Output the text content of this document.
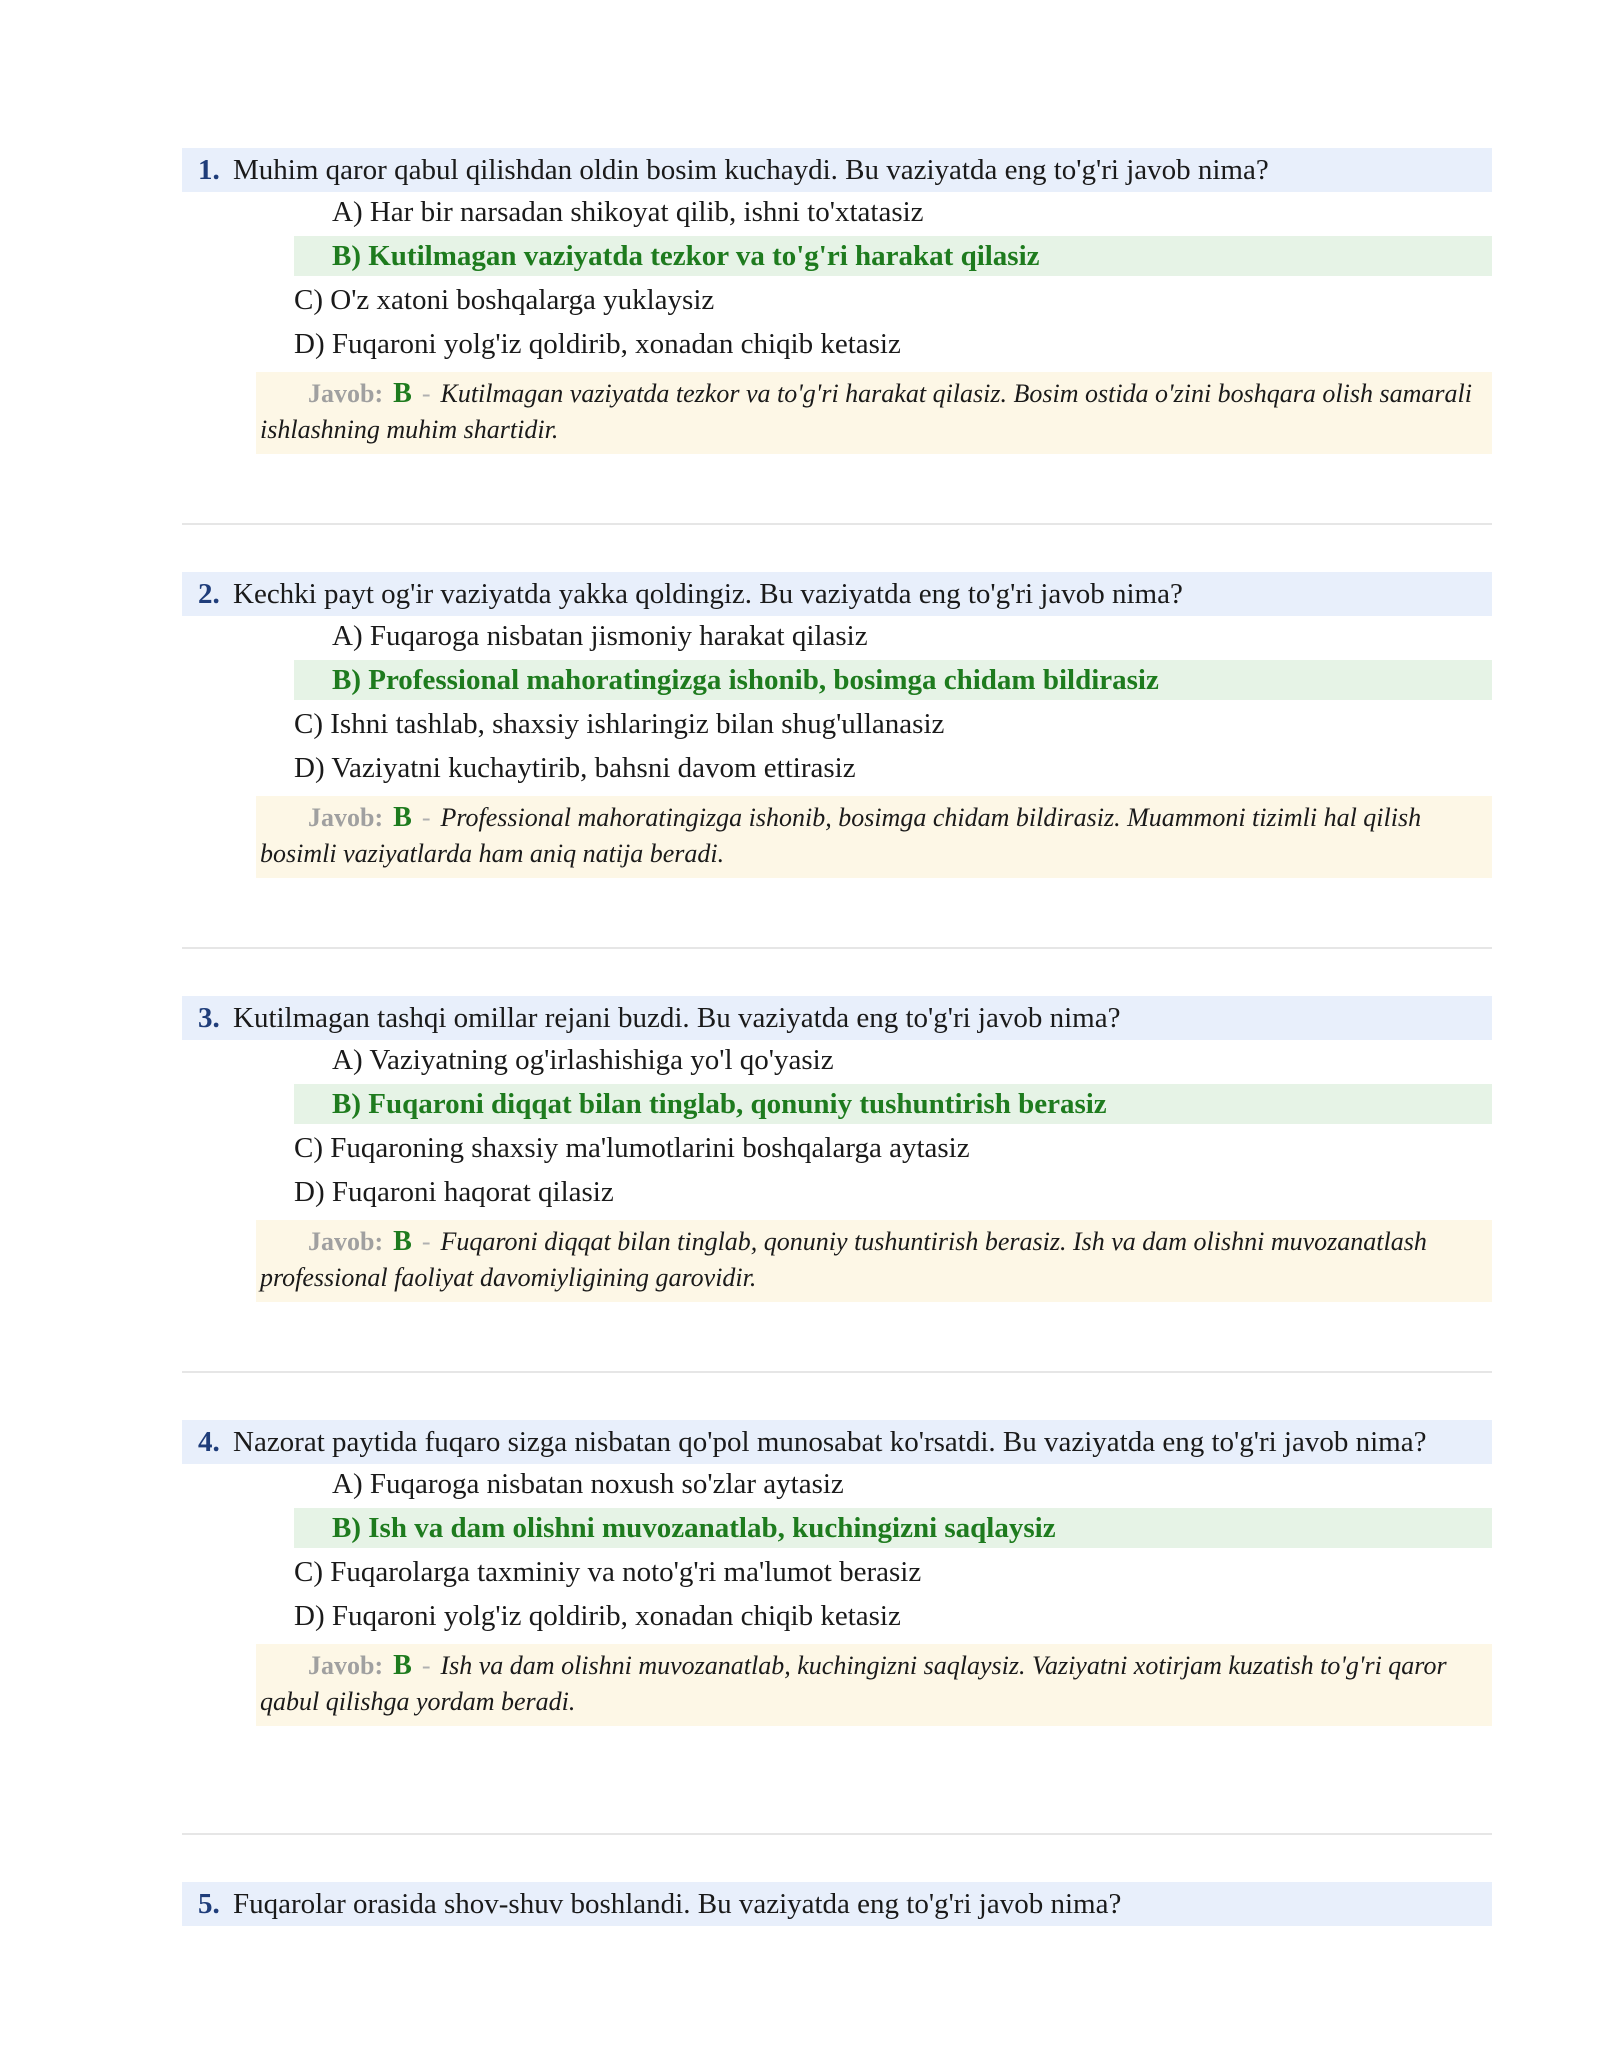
1. Muhim qaror qabul qilishdan oldin bosim kuchaydi. Bu vaziyatda eng to'g'ri javob nima?

A) Har bir narsadan shikoyat qilib, ishni to'xtatasiz

B) Kutilmagan vaziyatda tezkor va to'g'ri harakat qilasiz

C) O'z xatoni boshqalarga yuklaysiz

D) Fuqaroni yolg'iz qoldirib, xonadan chiqib ketasiz

Javob: B - Kutilmagan vaziyatda tezkor va to'g'ri harakat qilasiz. Bosim ostida o'zini boshqara olish samarali ishlashning muhim shartidir.

2. Kechki payt og'ir vaziyatda yakka qoldingiz. Bu vaziyatda eng to'g'ri javob nima?

A) Fuqaroga nisbatan jismoniy harakat qilasiz

B) Professional mahoratingizga ishonib, bosimga chidam bildirasiz

C) Ishni tashlab, shaxsiy ishlaringiz bilan shug'ullanasiz

D) Vaziyatni kuchaytirib, bahsni davom ettirasiz

Javob: B - Professional mahoratingizga ishonib, bosimga chidam bildirasiz. Muammoni tizimli hal qilish bosimli vaziyatlarda ham aniq natija beradi.

3. Kutilmagan tashqi omillar rejani buzdi. Bu vaziyatda eng to'g'ri javob nima?

A) Vaziyatning og'irlashishiga yo'l qo'yasiz

B) Fuqaroni diqqat bilan tinglab, qonuniy tushuntirish berasiz

C) Fuqaroning shaxsiy ma'lumotlarini boshqalarga aytasiz

D) Fuqaroni haqorat qilasiz

Javob: B - Fuqaroni diqqat bilan tinglab, qonuniy tushuntirish berasiz. Ish va dam olishni muvozanatlash professional faoliyat davomiyligining garovidir.

4. Nazorat paytida fuqaro sizga nisbatan qo'pol munosabat ko'rsatdi. Bu vaziyatda eng to'g'ri javob nima?

A) Fuqaroga nisbatan noxush so'zlar aytasiz

B) Ish va dam olishni muvozanatlab, kuchingizni saqlaysiz

C) Fuqarolarga taxminiy va noto'g'ri ma'lumot berasiz

D) Fuqaroni yolg'iz qoldirib, xonadan chiqib ketasiz

Javob: B - Ish va dam olishni muvozanatlab, kuchingizni saqlaysiz. Vaziyatni xotirjam kuzatish to'g'ri qaror qabul qilishga yordam beradi.

5. Fuqarolar orasida shov-shuv boshlandi. Bu vaziyatda eng to'g'ri javob nima?
